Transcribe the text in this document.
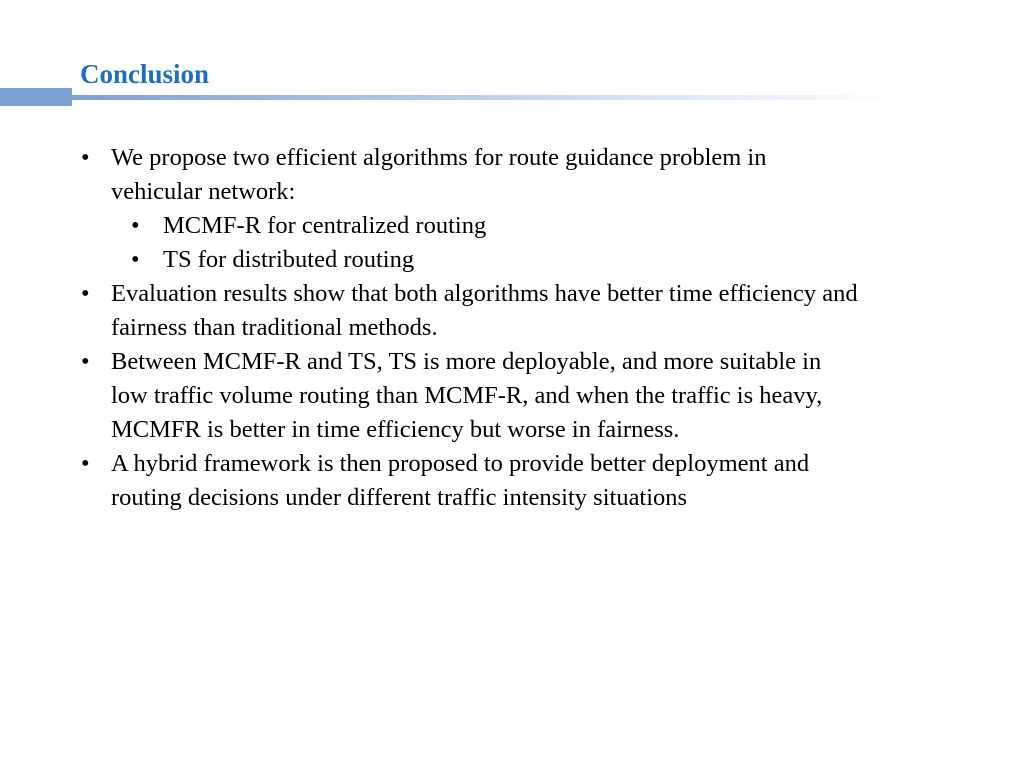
Conclusion
• We propose two efficient algorithms for route guidance problem in
vehicular network:
• MCMF-R for centralized routing
• TS for distributed routing
• Evaluation results show that both algorithms have better time efficiency and
fairness than traditional methods.
• Between MCMF-R and TS, TS is more deployable, and more suitable in
low traffic volume routing than MCMF-R, and when the traffic is heavy,
MCMFR is better in time efficiency but worse in fairness.
• A hybrid framework is then proposed to provide better deployment and
routing decisions under different traffic intensity situations
